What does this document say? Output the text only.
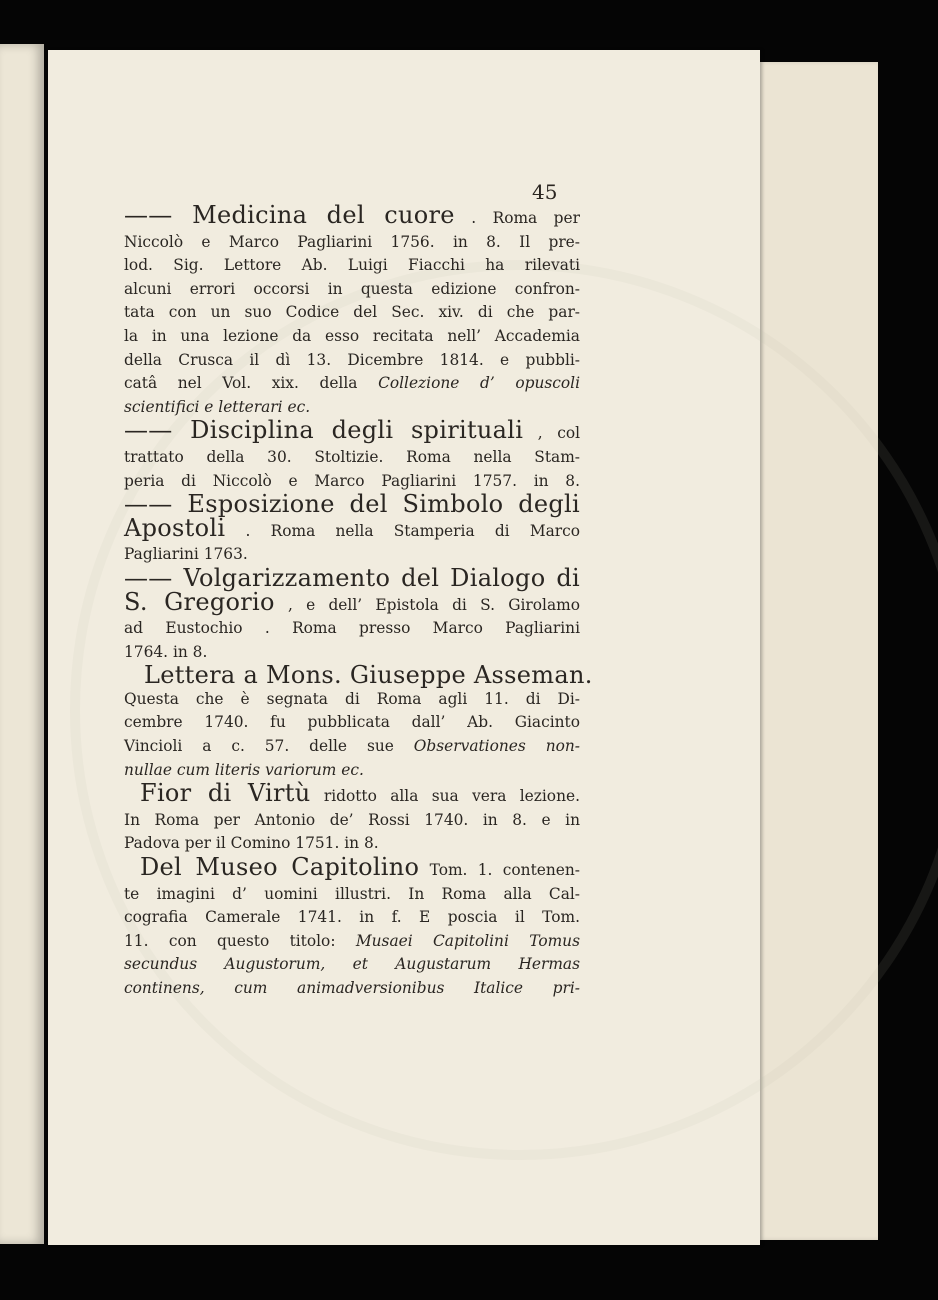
45
—— Medicina del cuore . Roma per
Niccolò e Marco Pagliarini 1756. in 8. Il pre-
lod. Sig. Lettore Ab. Luigi Fiacchi ha rilevati
alcuni errori occorsi in questa edizione confron-
tata con un suo Codice del Sec. xiv. di che par-
la in una lezione da esso recitata nell’ Accademia
della Crusca il dì 13. Dicembre 1814. e pubbli-
catâ nel Vol. xix. della Collezione d’ opuscoli
scientifici e letterari ec.
—— Disciplina degli spirituali , col
trattato della 30. Stoltizie. Roma nella Stam-
peria di Niccolò e Marco Pagliarini 1757. in 8.
—— Esposizione del Simbolo degli
Apostoli . Roma nella Stamperia di Marco
Pagliarini 1763.
—— Volgarizzamento del Dialogo di
S. Gregorio , e dell’ Epistola di S. Girolamo
ad Eustochio . Roma presso Marco Pagliarini
1764. in 8.
Lettera a Mons. Giuseppe Asseman.
Questa che è segnata di Roma agli 11. di Di-
cembre 1740. fu pubblicata dall’ Ab. Giacinto
Vincioli a c. 57. delle sue Observationes non-
nullae cum literis variorum ec.
Fior di Virtù ridotto alla sua vera lezione.
In Roma per Antonio de’ Rossi 1740. in 8. e in
Padova per il Comino 1751. in 8.
Del Museo Capitolino Tom. 1. contenen-
te imagini d’ uomini illustri. In Roma alla Cal-
cografia Camerale 1741. in f. E poscia il Tom.
11. con questo titolo: Musaei Capitolini Tomus
secundus Augustorum, et Augustarum Hermas
continens, cum animadversionibus Italice pri-
